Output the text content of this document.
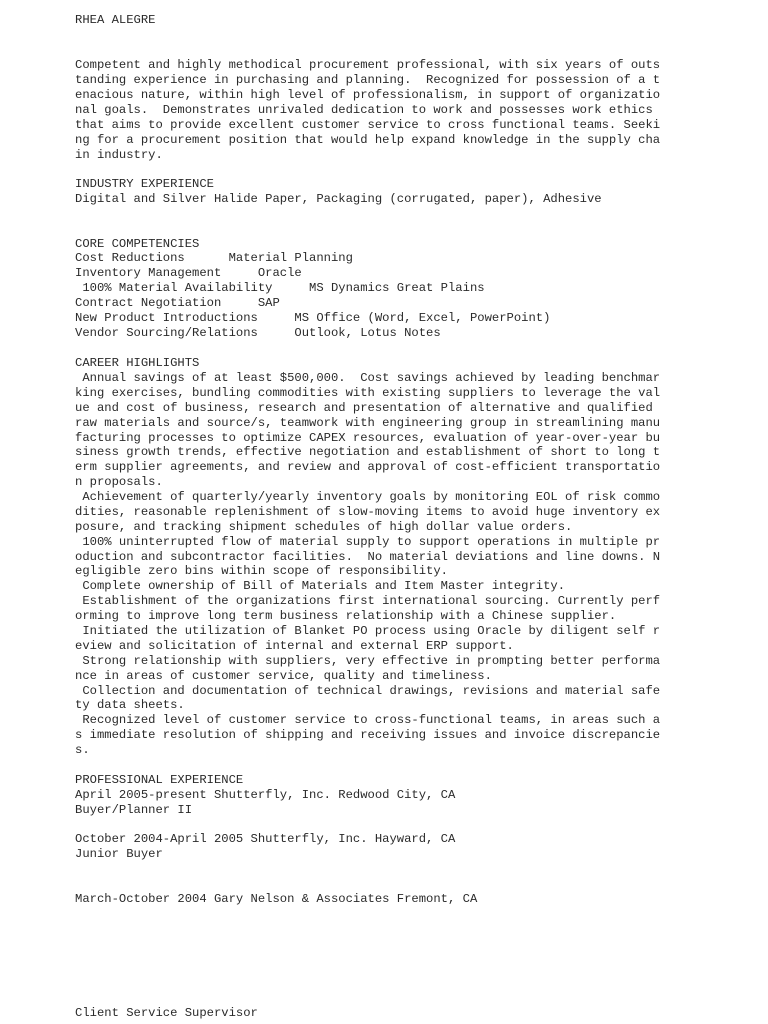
RHEA ALEGRE
Competent and highly methodical procurement professional, with six years of outs
tanding experience in purchasing and planning.  Recognized for possession of a t
enacious nature, within high level of professionalism, in support of organizatio
nal goals.  Demonstrates unrivaled dedication to work and possesses work ethics
that aims to provide excellent customer service to cross functional teams. Seeki
ng for a procurement position that would help expand knowledge in the supply cha
in industry.
INDUSTRY EXPERIENCE
Digital and Silver Halide Paper, Packaging (corrugated, paper), Adhesive
CORE COMPETENCIES
Cost Reductions      Material Planning
Inventory Management     Oracle
100% Material Availability     MS Dynamics Great Plains
Contract Negotiation     SAP
New Product Introductions     MS Office (Word, Excel, PowerPoint)
Vendor Sourcing/Relations     Outlook, Lotus Notes
CAREER HIGHLIGHTS
Annual savings of at least $500,000.  Cost savings achieved by leading benchmar
king exercises, bundling commodities with existing suppliers to leverage the val
ue and cost of business, research and presentation of alternative and qualified
raw materials and source/s, teamwork with engineering group in streamlining manu
facturing processes to optimize CAPEX resources, evaluation of year-over-year bu
siness growth trends, effective negotiation and establishment of short to long t
erm supplier agreements, and review and approval of cost-efficient transportatio
n proposals.
Achievement of quarterly/yearly inventory goals by monitoring EOL of risk commo
dities, reasonable replenishment of slow-moving items to avoid huge inventory ex
posure, and tracking shipment schedules of high dollar value orders.
100% uninterrupted flow of material supply to support operations in multiple pr
oduction and subcontractor facilities.  No material deviations and line downs. N
egligible zero bins within scope of responsibility.
Complete ownership of Bill of Materials and Item Master integrity.
Establishment of the organizations first international sourcing. Currently perf
orming to improve long term business relationship with a Chinese supplier.
Initiated the utilization of Blanket PO process using Oracle by diligent self r
eview and solicitation of internal and external ERP support.
Strong relationship with suppliers, very effective in prompting better performa
nce in areas of customer service, quality and timeliness.
Collection and documentation of technical drawings, revisions and material safe
ty data sheets.
Recognized level of customer service to cross-functional teams, in areas such a
s immediate resolution of shipping and receiving issues and invoice discrepancie
s.
PROFESSIONAL EXPERIENCE
April 2005-present Shutterfly, Inc. Redwood City, CA
Buyer/Planner II
October 2004-April 2005 Shutterfly, Inc. Hayward, CA
Junior Buyer
March-October 2004 Gary Nelson & Associates Fremont, CA
Client Service Supervisor
